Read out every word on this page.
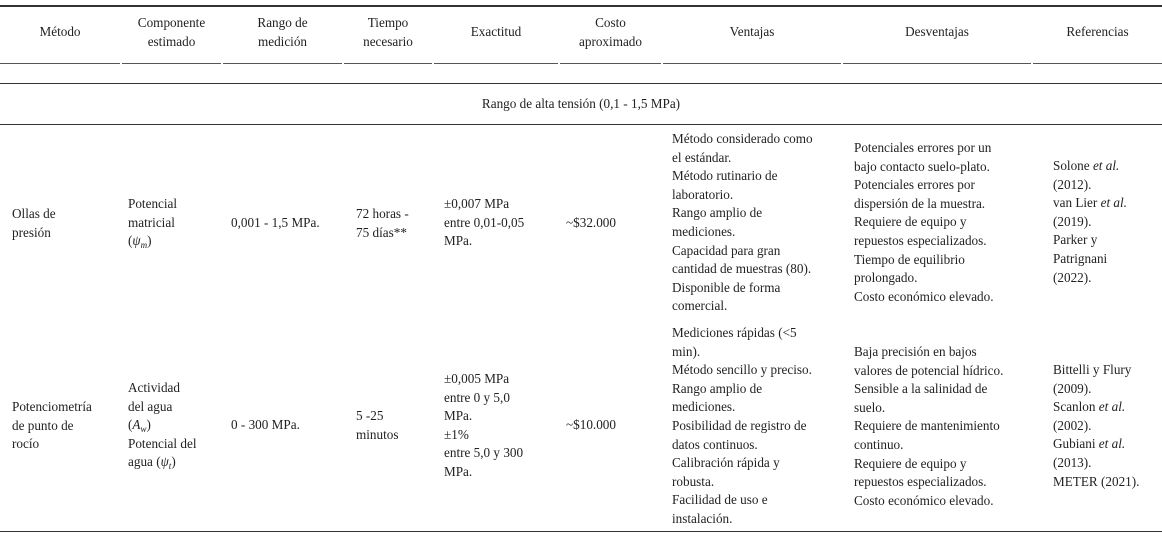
Método
Componente
estimado
Rango de
medición
Tiempo
necesario
Exactitud
Costo
aproximado
Ventajas	Desventajas	Referencias
Rango de alta tensión (0,1 - 1,5 MPa)
Ollas de
presión
Potencial
matricial
$(\psi_m)$
0,001 - 1,5 MPa.
72 horas -
75 días**
±0,007 MPa
entre 0,01-0,05
MPa.
~$32.000
Método considerado como
el estándar.
Método rutinario de
laboratorio.
Rango amplio de
mediciones.
Capacidad para gran
cantidad de muestras (80).
Disponible de forma
comercial.
Potenciales errores por un
bajo contacto suelo-plato.
Potenciales errores por
dispersión de la muestra.
Requiere de equipo y
repuestos especializados.
Tiempo de equilibrio
prolongado.
Costo económico elevado.
Solone et al.
(2012).
van Lier et al.
(2019).
Parker y
Patrignani
(2022).
Potenciometría
de punto de
rocío
Actividad
del agua
$(A_w)$
Potencial del
agua $(\psi_t)$
0 - 300 MPa.
5 -25
minutos
±0,005 MPa
entre 0 y 5,0
MPa.
±1%
entre 5,0 y 300
MPa.
~$10.000
Mediciones rápidas (<5
min).
Método sencillo y preciso.
Rango amplio de
mediciones.
Posibilidad de registro de
datos continuos.
Calibración rápida y
robusta.
Facilidad de uso e
instalación.
Baja precisión en bajos
valores de potencial hídrico.
Sensible a la salinidad de
suelo.
Requiere de mantenimiento
continuo.
Requiere de equipo y
repuestos especializados.
Costo económico elevado.
Bittelli y Flury
(2009).
Scanlon et al.
(2002).
Gubiani et al.
(2013).
METER (2021).
